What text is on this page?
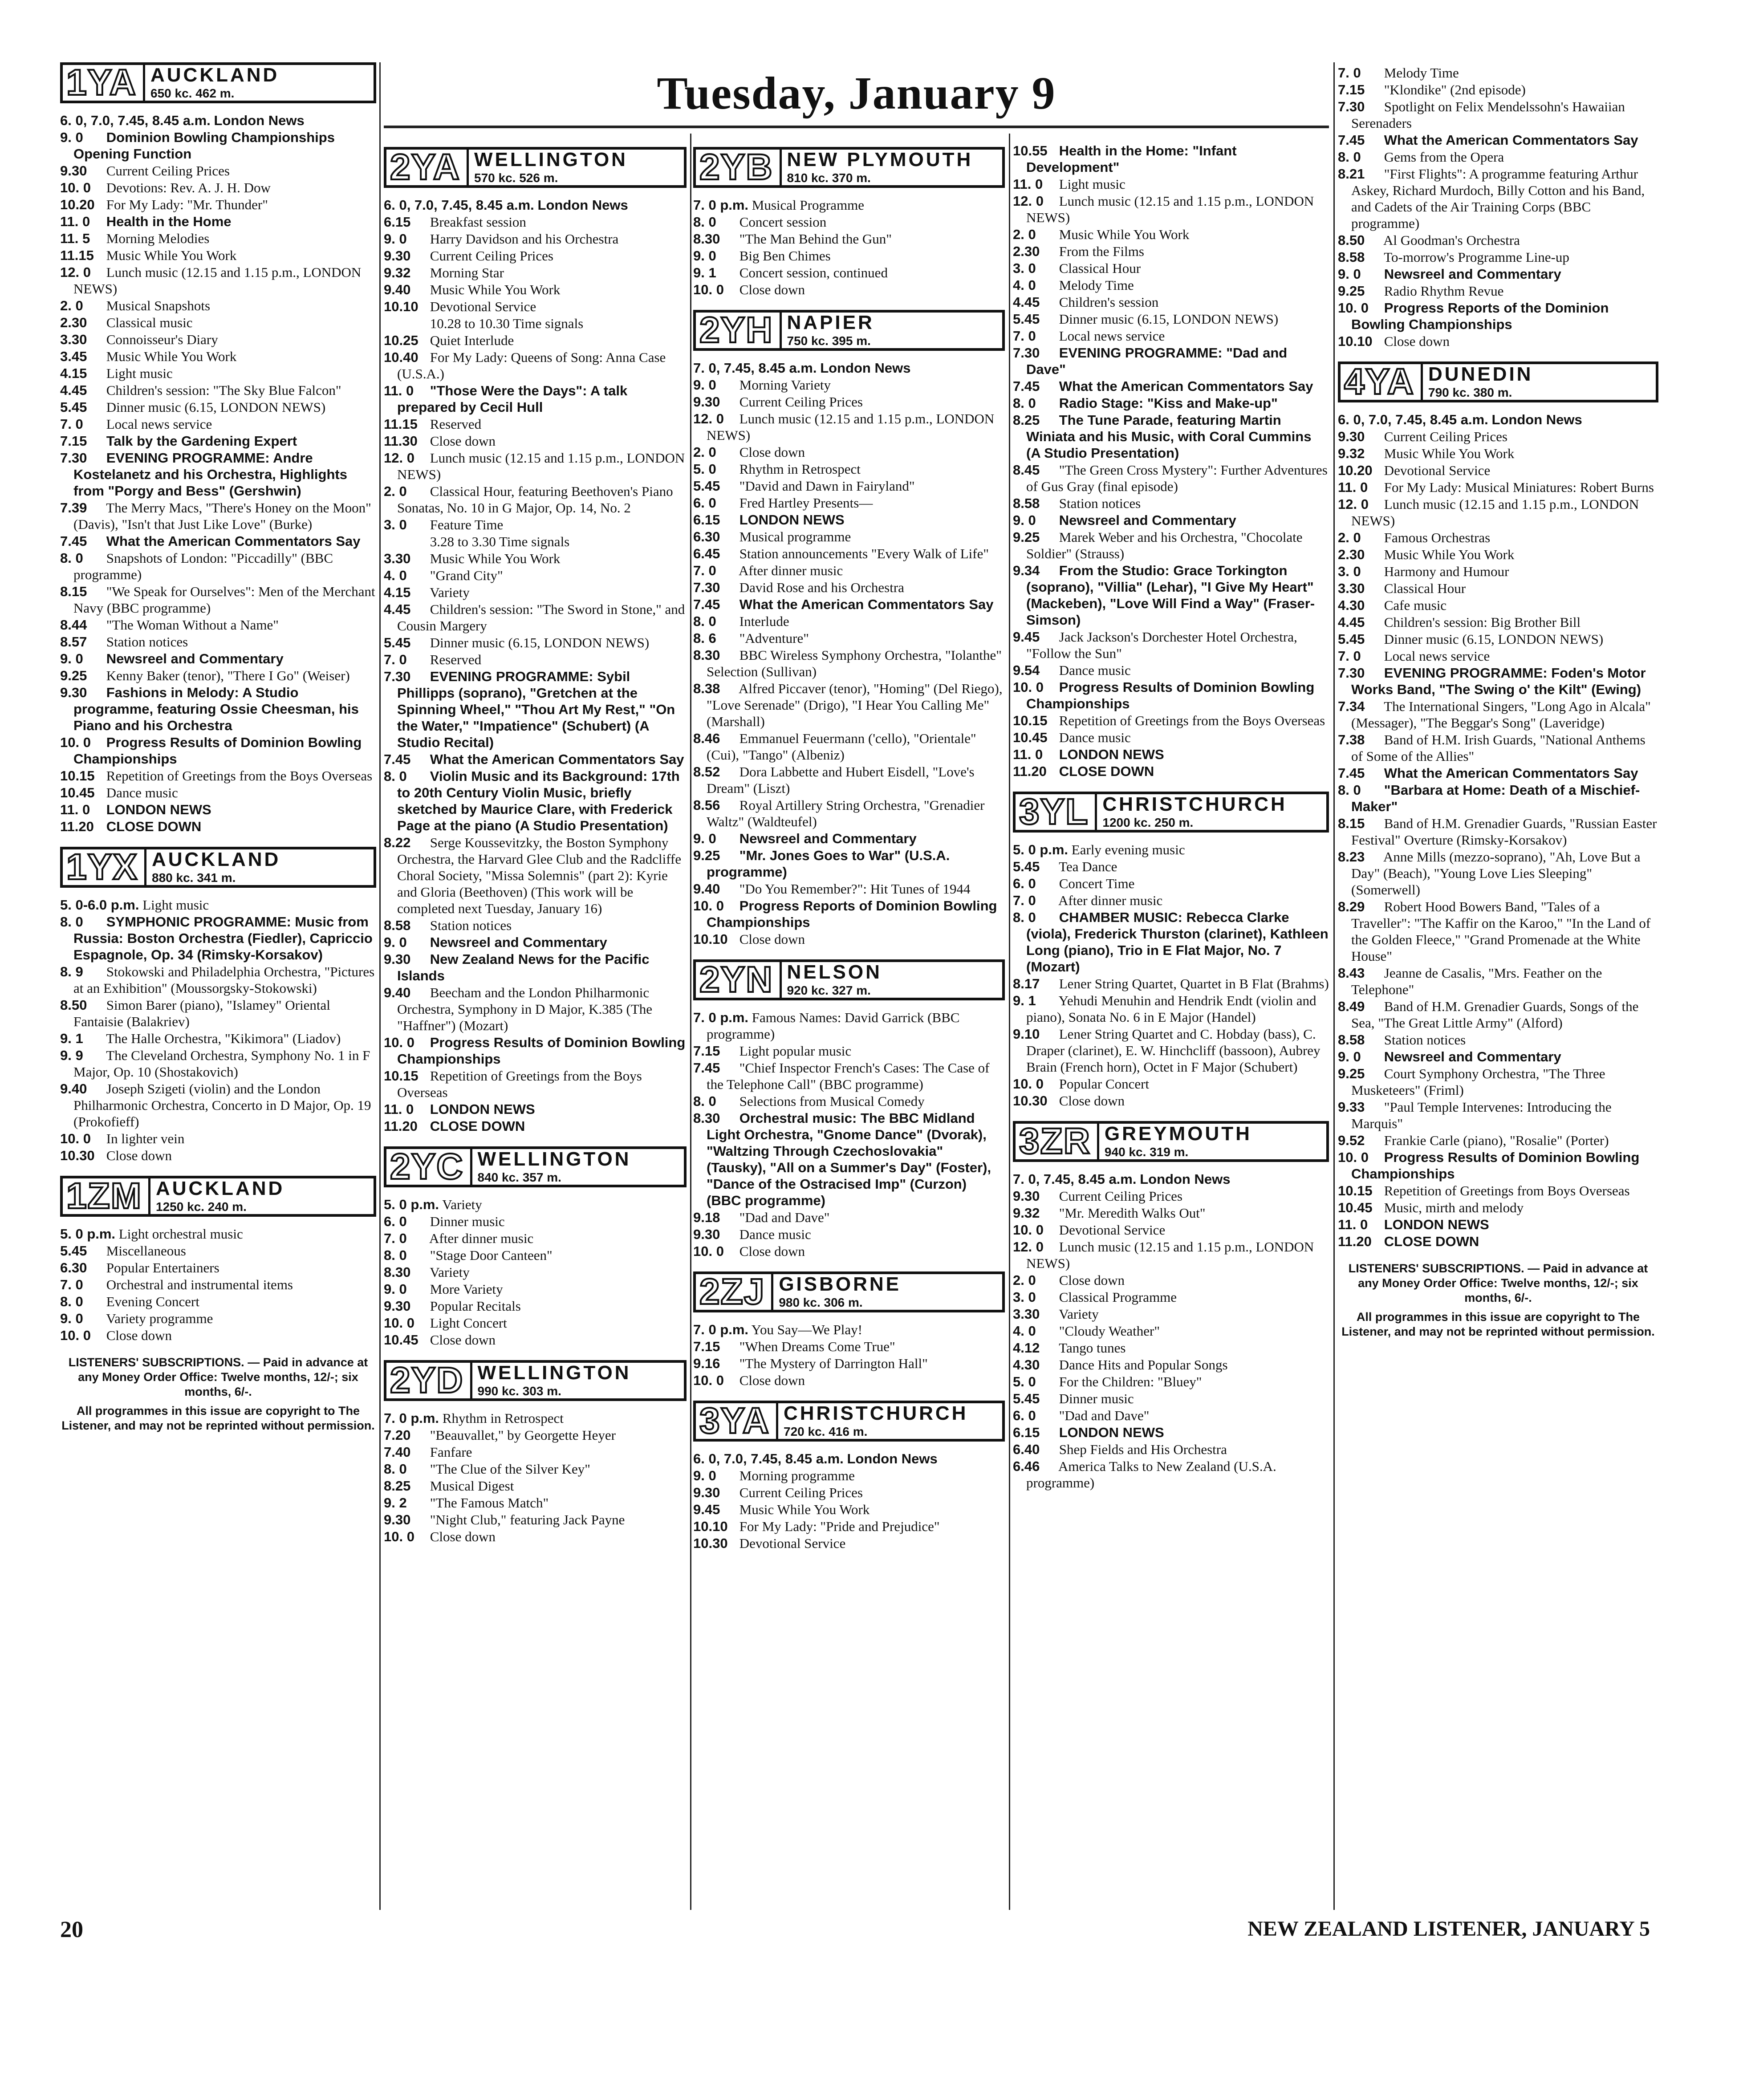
Tuesday, January 9
1YA AUCKLAND
650 kc. 462 m.
6. 0, 7.0, 7.45, 8.45 a.m. London News
9. 0 Dominion Bowling Championships Opening Function
9.30 Current Ceiling Prices
10. 0 Devotions: Rev. A. J. H. Dow
10.20 For My Lady: "Mr. Thunder"
11. 0 Health in the Home
11. 5 Morning Melodies
11.15 Music While You Work
12. 0 Lunch music (12.15 and 1.15 p.m., LONDON NEWS)
2. 0 Musical Snapshots
2.30 Classical music
3.30 Connoisseur's Diary
3.45 Music While You Work
4.15 Light music
4.45 Children's session: "The Sky Blue Falcon"
5.45 Dinner music (6.15, LONDON NEWS)
7. 0 Local news service
7.15 Talk by the Gardening Expert
7.30 EVENING PROGRAMME: Andre Kostelanetz and his Orchestra, Highlights from "Porgy and Bess" (Gershwin)
7.39 The Merry Macs, "There's Honey on the Moon" (Davis), "Isn't that Just Like Love" (Burke)
7.45 What the American Commentators Say
8. 0 Snapshots of London: "Piccadilly" (BBC programme)
8.15 "We Speak for Ourselves": Men of the Merchant Navy (BBC programme)
8.44 "The Woman Without a Name"
8.57 Station notices
9. 0 Newsreel and Commentary
9.25 Kenny Baker (tenor), "There I Go" (Weiser)
9.30 Fashions in Melody: A Studio programme, featuring Ossie Cheesman, his Piano and his Orchestra
10. 0 Progress Results of Dominion Bowling Championships
10.15 Repetition of Greetings from the Boys Overseas
10.45 Dance music
11. 0 LONDON NEWS
11.20 CLOSE DOWN
1YX AUCKLAND
880 kc. 341 m.
5. 0-6.0 p.m. Light music
8. 0 SYMPHONIC PROGRAMME: Music from Russia: Boston Orchestra (Fiedler), Capriccio Espagnole, Op. 34 (Rimsky-Korsakov)
8. 9 Stokowski and Philadelphia Orchestra, "Pictures at an Exhibition" (Moussorgsky-Stokowski)
8.50 Simon Barer (piano), "Islamey" Oriental Fantaisie (Balakriev)
9. 1 The Halle Orchestra, "Kikimora" (Liadov)
9. 9 The Cleveland Orchestra, Symphony No. 1 in F Major, Op. 10 (Shostakovich)
9.40 Joseph Szigeti (violin) and the London Philharmonic Orchestra, Concerto in D Major, Op. 19 (Prokofieff)
10. 0 In lighter vein
10.30 Close down
1ZM AUCKLAND
1250 kc. 240 m.
5. 0 p.m. Light orchestral music
5.45 Miscellaneous
6.30 Popular Entertainers
7. 0 Orchestral and instrumental items
8. 0 Evening Concert
9. 0 Variety programme
10. 0 Close down
LISTENERS' SUBSCRIPTIONS. — Paid in advance at any Money Order Office: Twelve months, 12/-; six months, 6/-.
All programmes in this issue are copyright to The Listener, and may not be reprinted without permission.
2YA WELLINGTON
570 kc. 526 m.
6. 0, 7.0, 7.45, 8.45 a.m. London News
6.15 Breakfast session
9. 0 Harry Davidson and his Orchestra
9.30 Current Ceiling Prices
9.32 Morning Star
9.40 Music While You Work
10.10 Devotional Service
10.28 to 10.30 Time signals
10.25 Quiet Interlude
10.40 For My Lady: Queens of Song: Anna Case (U.S.A.)
11. 0 "Those Were the Days": A talk prepared by Cecil Hull
11.15 Reserved
11.30 Close down
12. 0 Lunch music (12.15 and 1.15 p.m., LONDON NEWS)
2. 0 Classical Hour, featuring Beethoven's Piano Sonatas, No. 10 in G Major, Op. 14, No. 2
3. 0 Feature Time
3.28 to 3.30 Time signals
3.30 Music While You Work
4. 0 "Grand City"
4.15 Variety
4.45 Children's session: "The Sword in Stone," and Cousin Margery
5.45 Dinner music (6.15, LONDON NEWS)
7. 0 Reserved
7.30 EVENING PROGRAMME: Sybil Phillipps (soprano), "Gretchen at the Spinning Wheel," "Thou Art My Rest," "On the Water," "Impatience" (Schubert) (A Studio Recital)
7.45 What the American Commentators Say
8. 0 Violin Music and its Background: 17th to 20th Century Violin Music, briefly sketched by Maurice Clare, with Frederick Page at the piano (A Studio Presentation)
8.22 Serge Koussevitzky, the Boston Symphony Orchestra, the Harvard Glee Club and the Radcliffe Choral Society, "Missa Solemnis" (part 2): Kyrie and Gloria (Beethoven) (This work will be completed next Tuesday, January 16)
8.58 Station notices
9. 0 Newsreel and Commentary
9.30 New Zealand News for the Pacific Islands
9.40 Beecham and the London Philharmonic Orchestra, Symphony in D Major, K.385 (The "Haffner") (Mozart)
10. 0 Progress Results of Dominion Bowling Championships
10.15 Repetition of Greetings from the Boys Overseas
11. 0 LONDON NEWS
11.20 CLOSE DOWN
2YC WELLINGTON
840 kc. 357 m.
5. 0 p.m. Variety
6. 0 Dinner music
7. 0 After dinner music
8. 0 "Stage Door Canteen"
8.30 Variety
9. 0 More Variety
9.30 Popular Recitals
10. 0 Light Concert
10.45 Close down
2YD WELLINGTON
990 kc. 303 m.
7. 0 p.m. Rhythm in Retrospect
7.20 "Beauvallet," by Georgette Heyer
7.40 Fanfare
8. 0 "The Clue of the Silver Key"
8.25 Musical Digest
9. 2 "The Famous Match"
9.30 "Night Club," featuring Jack Payne
10. 0 Close down
2YB NEW PLYMOUTH
810 kc. 370 m.
7. 0 p.m. Musical Programme
8. 0 Concert session
8.30 "The Man Behind the Gun"
9. 0 Big Ben Chimes
9. 1 Concert session, continued
10. 0 Close down
2YH NAPIER
750 kc. 395 m.
7. 0, 7.45, 8.45 a.m. London News
9. 0 Morning Variety
9.30 Current Ceiling Prices
12. 0 Lunch music (12.15 and 1.15 p.m., LONDON NEWS)
2. 0 Close down
5. 0 Rhythm in Retrospect
5.45 "David and Dawn in Fairyland"
6. 0 Fred Hartley Presents—
6.15 LONDON NEWS
6.30 Musical programme
6.45 Station announcements "Every Walk of Life"
7. 0 After dinner music
7.30 David Rose and his Orchestra
7.45 What the American Commentators Say
8. 0 Interlude
8. 6 "Adventure"
8.30 BBC Wireless Symphony Orchestra, "Iolanthe" Selection (Sullivan)
8.38 Alfred Piccaver (tenor), "Homing" (Del Riego), "Love Serenade" (Drigo), "I Hear You Calling Me" (Marshall)
8.46 Emmanuel Feuermann ('cello), "Orientale" (Cui), "Tango" (Albeniz)
8.52 Dora Labbette and Hubert Eisdell, "Love's Dream" (Liszt)
8.56 Royal Artillery String Orchestra, "Grenadier Waltz" (Waldteufel)
9. 0 Newsreel and Commentary
9.25 "Mr. Jones Goes to War" (U.S.A. programme)
9.40 "Do You Remember?": Hit Tunes of 1944
10. 0 Progress Reports of Dominion Bowling Championships
10.10 Close down
2YN NELSON
920 kc. 327 m.
7. 0 p.m. Famous Names: David Garrick (BBC programme)
7.15 Light popular music
7.45 "Chief Inspector French's Cases: The Case of the Telephone Call" (BBC programme)
8. 0 Selections from Musical Comedy
8.30 Orchestral music: The BBC Midland Light Orchestra, "Gnome Dance" (Dvorak), "Waltzing Through Czechoslovakia" (Tausky), "All on a Summer's Day" (Foster), "Dance of the Ostracised Imp" (Curzon) (BBC programme)
9.18 "Dad and Dave"
9.30 Dance music
10. 0 Close down
2ZJ GISBORNE
980 kc. 306 m.
7. 0 p.m. You Say—We Play!
7.15 "When Dreams Come True"
9.16 "The Mystery of Darrington Hall"
10. 0 Close down
3YA CHRISTCHURCH
720 kc. 416 m.
6. 0, 7.0, 7.45, 8.45 a.m. London News
9. 0 Morning programme
9.30 Current Ceiling Prices
9.45 Music While You Work
10.10 For My Lady: "Pride and Prejudice"
10.30 Devotional Service
10.55 Health in the Home: "Infant Development"
11. 0 Light music
12. 0 Lunch music (12.15 and 1.15 p.m., LONDON NEWS)
2. 0 Music While You Work
2.30 From the Films
3. 0 Classical Hour
4. 0 Melody Time
4.45 Children's session
5.45 Dinner music (6.15, LONDON NEWS)
7. 0 Local news service
7.30 EVENING PROGRAMME: "Dad and Dave"
7.45 What the American Commentators Say
8. 0 Radio Stage: "Kiss and Make-up"
8.25 The Tune Parade, featuring Martin Winiata and his Music, with Coral Cummins (A Studio Presentation)
8.45 "The Green Cross Mystery": Further Adventures of Gus Gray (final episode)
8.58 Station notices
9. 0 Newsreel and Commentary
9.25 Marek Weber and his Orchestra, "Chocolate Soldier" (Strauss)
9.34 From the Studio: Grace Torkington (soprano), "Villia" (Lehar), "I Give My Heart" (Mackeben), "Love Will Find a Way" (Fraser-Simson)
9.45 Jack Jackson's Dorchester Hotel Orchestra, "Follow the Sun"
9.54 Dance music
10. 0 Progress Results of Dominion Bowling Championships
10.15 Repetition of Greetings from the Boys Overseas
10.45 Dance music
11. 0 LONDON NEWS
11.20 CLOSE DOWN
3YL CHRISTCHURCH
1200 kc. 250 m.
5. 0 p.m. Early evening music
5.45 Tea Dance
6. 0 Concert Time
7. 0 After dinner music
8. 0 CHAMBER MUSIC: Rebecca Clarke (viola), Frederick Thurston (clarinet), Kathleen Long (piano), Trio in E Flat Major, No. 7 (Mozart)
8.17 Lener String Quartet, Quartet in B Flat (Brahms)
9. 1 Yehudi Menuhin and Hendrik Endt (violin and piano), Sonata No. 6 in E Major (Handel)
9.10 Lener String Quartet and C. Hobday (bass), C. Draper (clarinet), E. W. Hinchcliff (bassoon), Aubrey Brain (French horn), Octet in F Major (Schubert)
10. 0 Popular Concert
10.30 Close down
3ZR GREYMOUTH
940 kc. 319 m.
7. 0, 7.45, 8.45 a.m. London News
9.30 Current Ceiling Prices
9.32 "Mr. Meredith Walks Out"
10. 0 Devotional Service
12. 0 Lunch music (12.15 and 1.15 p.m., LONDON NEWS)
2. 0 Close down
3. 0 Classical Programme
3.30 Variety
4. 0 "Cloudy Weather"
4.12 Tango tunes
4.30 Dance Hits and Popular Songs
5. 0 For the Children: "Bluey"
5.45 Dinner music
6. 0 "Dad and Dave"
6.15 LONDON NEWS
6.40 Shep Fields and His Orchestra
6.46 America Talks to New Zealand (U.S.A. programme)
7. 0 Melody Time
7.15 "Klondike" (2nd episode)
7.30 Spotlight on Felix Mendelssohn's Hawaiian Serenaders
7.45 What the American Commentators Say
8. 0 Gems from the Opera
8.21 "First Flights": A programme featuring Arthur Askey, Richard Murdoch, Billy Cotton and his Band, and Cadets of the Air Training Corps (BBC programme)
8.50 Al Goodman's Orchestra
8.58 To-morrow's Programme Line-up
9. 0 Newsreel and Commentary
9.25 Radio Rhythm Revue
10. 0 Progress Reports of the Dominion Bowling Championships
10.10 Close down
4YA DUNEDIN
790 kc. 380 m.
6. 0, 7.0, 7.45, 8.45 a.m. London News
9.30 Current Ceiling Prices
9.32 Music While You Work
10.20 Devotional Service
11. 0 For My Lady: Musical Miniatures: Robert Burns
12. 0 Lunch music (12.15 and 1.15 p.m., LONDON NEWS)
2. 0 Famous Orchestras
2.30 Music While You Work
3. 0 Harmony and Humour
3.30 Classical Hour
4.30 Cafe music
4.45 Children's session: Big Brother Bill
5.45 Dinner music (6.15, LONDON NEWS)
7. 0 Local news service
7.30 EVENING PROGRAMME: Foden's Motor Works Band, "The Swing o' the Kilt" (Ewing)
7.34 The International Singers, "Long Ago in Alcala" (Messager), "The Beggar's Song" (Laveridge)
7.38 Band of H.M. Irish Guards, "National Anthems of Some of the Allies"
7.45 What the American Commentators Say
8. 0 "Barbara at Home: Death of a Mischief-Maker"
8.15 Band of H.M. Grenadier Guards, "Russian Easter Festival" Overture (Rimsky-Korsakov)
8.23 Anne Mills (mezzo-soprano), "Ah, Love But a Day" (Beach), "Young Love Lies Sleeping" (Somerwell)
8.29 Robert Hood Bowers Band, "Tales of a Traveller": "The Kaffir on the Karoo," "In the Land of the Golden Fleece," "Grand Promenade at the White House"
8.43 Jeanne de Casalis, "Mrs. Feather on the Telephone"
8.49 Band of H.M. Grenadier Guards, Songs of the Sea, "The Great Little Army" (Alford)
8.58 Station notices
9. 0 Newsreel and Commentary
9.25 Court Symphony Orchestra, "The Three Musketeers" (Friml)
9.33 "Paul Temple Intervenes: Introducing the Marquis"
9.52 Frankie Carle (piano), "Rosalie" (Porter)
10. 0 Progress Results of Dominion Bowling Championships
10.15 Repetition of Greetings from Boys Overseas
10.45 Music, mirth and melody
11. 0 LONDON NEWS
11.20 CLOSE DOWN
LISTENERS' SUBSCRIPTIONS. — Paid in advance at any Money Order Office: Twelve months, 12/-; six months, 6/-.
All programmes in this issue are copyright to The Listener, and may not be reprinted without permission.
20	NEW ZEALAND LISTENER, JANUARY 5
